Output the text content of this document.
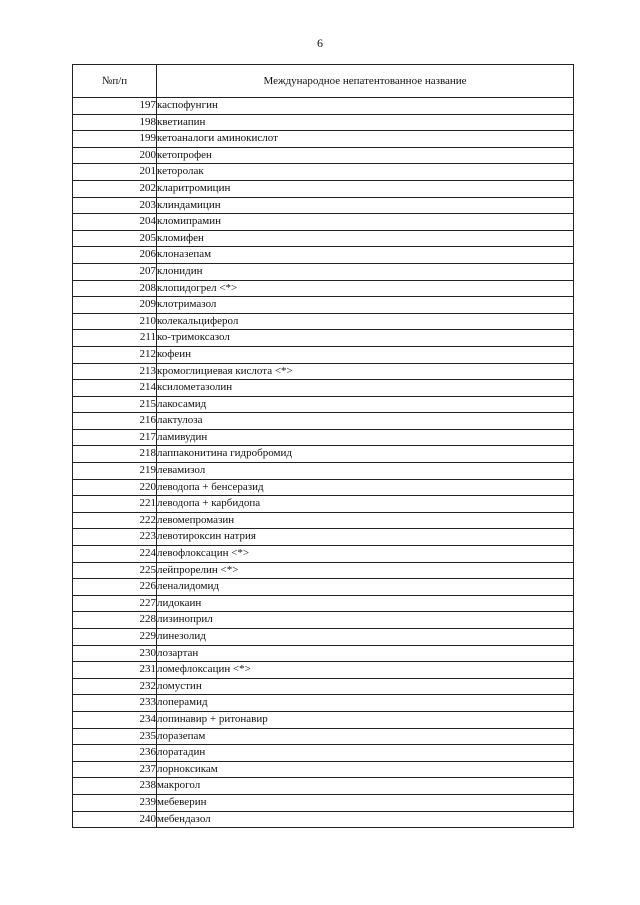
6
№п/п	Международное непатентованное название
197	каспофунгин
198	кветиапин
199	кетоаналоги аминокислот
200	кетопрофен
201	кеторолак
202	кларитромицин
203	клиндамицин
204	кломипрамин
205	кломифен
206	клоназепам
207	клонидин
208	клопидогрел <*>
209	клотримазол
210	колекальциферол
211	ко-тримоксазол
212	кофеин
213	кромоглициевая кислота <*>
214	ксилометазолин
215	лакосамид
216	лактулоза
217	ламивудин
218	лаппаконитина гидробромид
219	левамизол
220	леводопа + бенсеразид
221	леводопа + карбидопа
222	левомепромазин
223	левотироксин натрия
224	левофлоксацин <*>
225	лейпрорелин <*>
226	леналидомид
227	лидокаин
228	лизиноприл
229	линезолид
230	лозартан
231	ломефлоксацин <*>
232	ломустин
233	лоперамид
234	лопинавир + ритонавир
235	лоразепам
236	лоратадин
237	лорноксикам
238	макрогол
239	мебеверин
240	мебендазол
